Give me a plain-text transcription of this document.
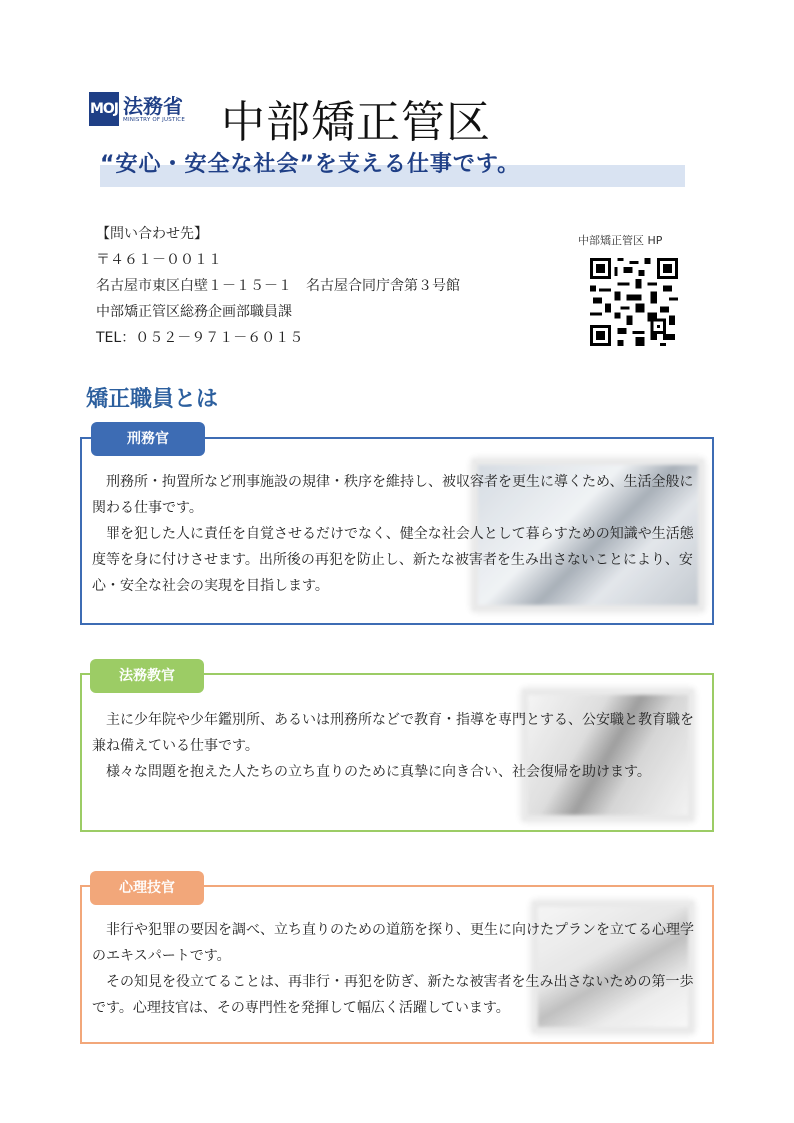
MOJ 法務省
MINISTRY OF JUSTICE 中部矯正管区
“安心・安全な社会”を支える仕事です。
【問い合わせ先】
〒４６１－００１１
名古屋市東区白壁１－１５－１　名古屋合同庁舎第３号館
中部矯正管区総務企画部職員課
TEL：０５２－９７１－６０１５
中部矯正管区 HP
矯正職員とは
刑務官

刑務所・拘置所など刑事施設の規律・秩序を維持し、被収容者を更生に導くため、生活全般に関わる仕事です。

罪を犯した人に責任を自覚させるだけでなく、健全な社会人として暮らすための知識や生活態度等を身に付けさせます。出所後の再犯を防止し、新たな被害者を生み出さないことにより、安心・安全な社会の実現を目指します。

法務教官

主に少年院や少年鑑別所、あるいは刑務所などで教育・指導を専門とする、公安職と教育職を兼ね備えている仕事です。

様々な問題を抱えた人たちの立ち直りのために真摯に向き合い、社会復帰を助けます。

心理技官

非行や犯罪の要因を調べ、立ち直りのための道筋を探り、更生に向けたプランを立てる心理学のエキスパートです。

その知見を役立てることは、再非行・再犯を防ぎ、新たな被害者を生み出さないための第一歩です。心理技官は、その専門性を発揮して幅広く活躍しています。
